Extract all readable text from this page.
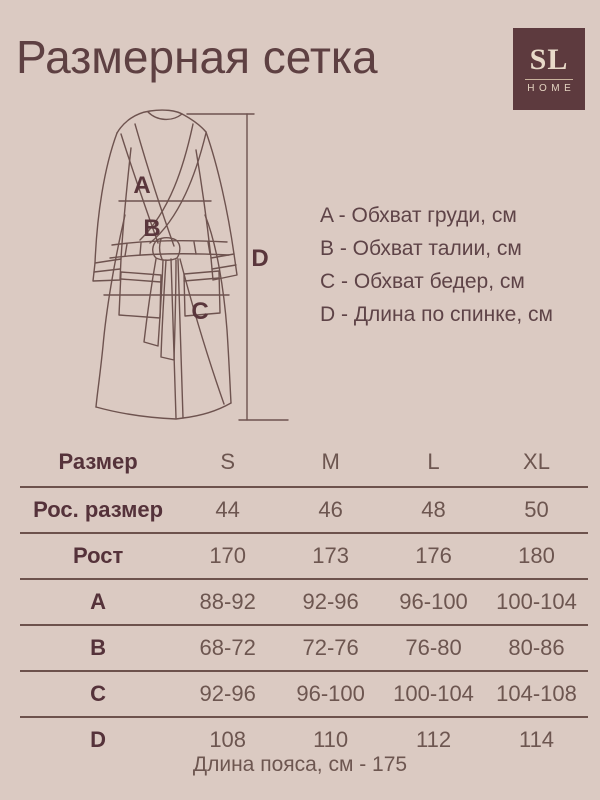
Размерная сетка	SL
HOME
A
B
C
D
A - Обхват груди, см
B - Обхват талии, см
C - Обхват бедер, см
D - Длина по спинке, см
Размер	S	M	L	XL
Рос. размер	44	46	48	50
Рост	170	173	176	180
A	88-92	92-96	96-100	100-104
B	68-72	72-76	76-80	80-86
C	92-96	96-100	100-104	104-108
D	108	110	112	114
Длина пояса, см - 175
